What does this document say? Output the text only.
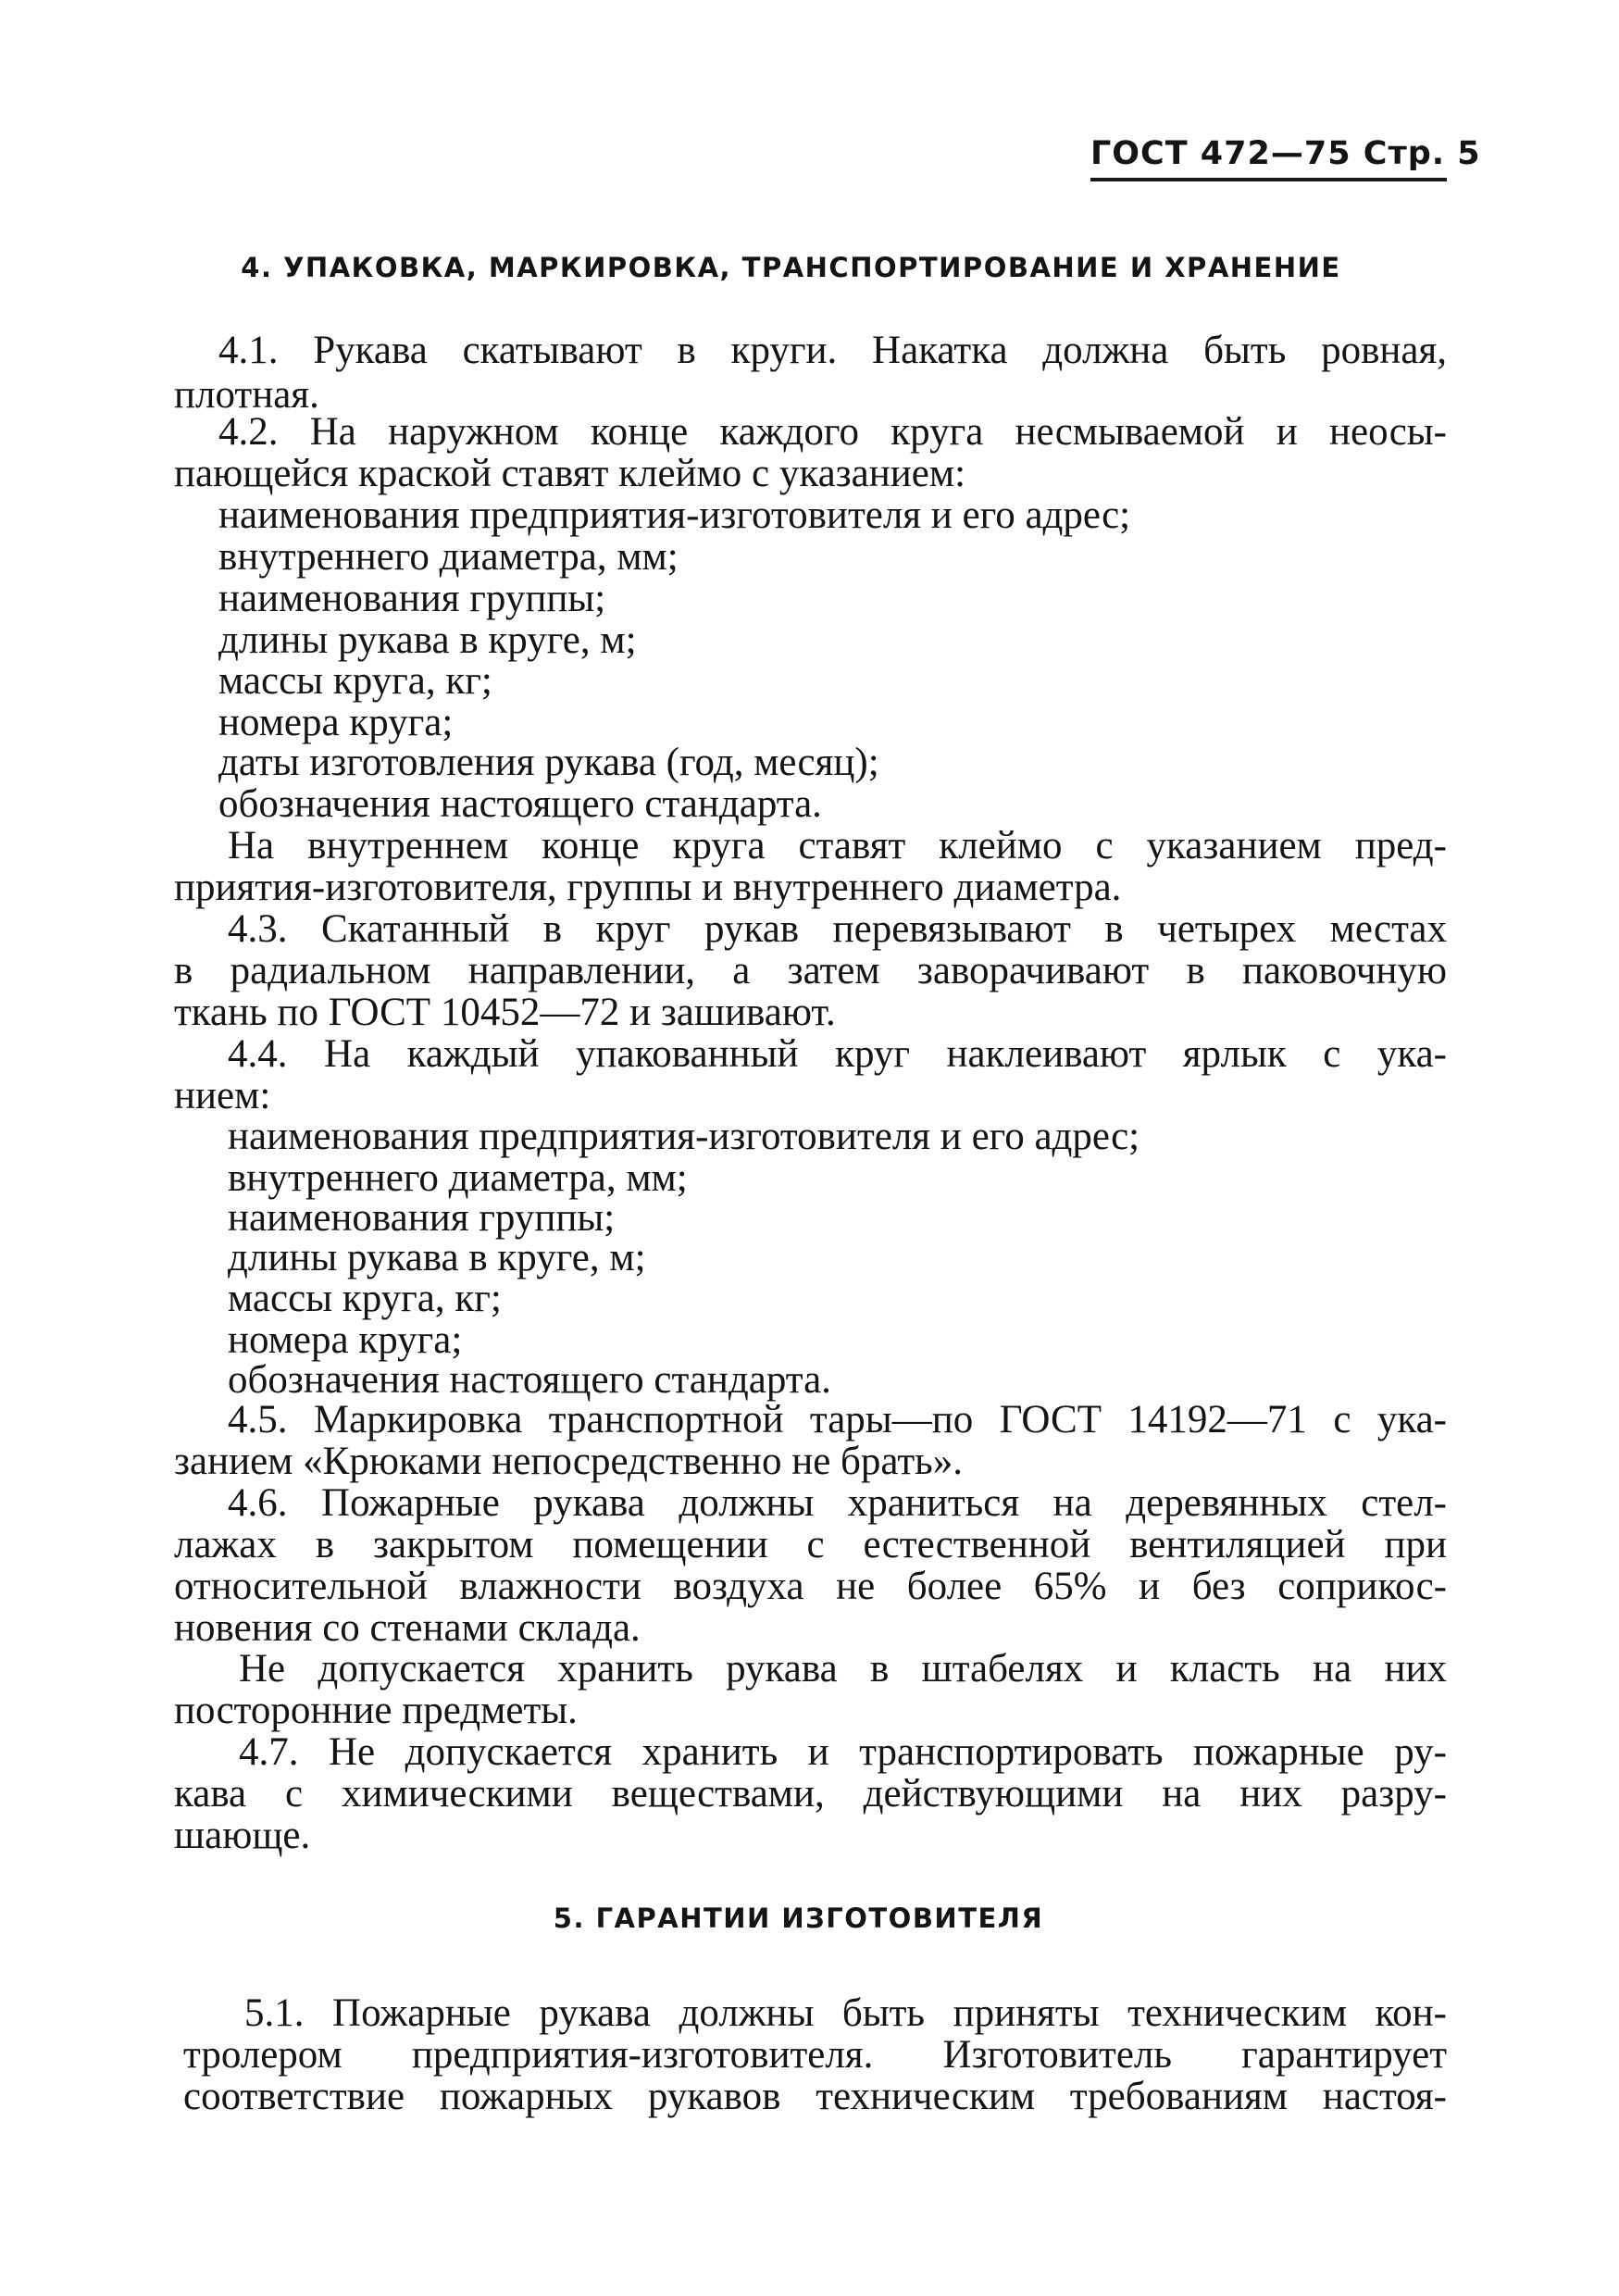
ГОСТ 472—75 Стр. 5
4. УПАКОВКА, МАРКИРОВКА, ТРАНСПОРТИРОВАНИЕ И ХРАНЕНИЕ
4.1. Рукава скатывают в круги. Накатка должна быть ровная,
плотная.
4.2. На наружном конце каждого круга несмываемой и неосы-
пающейся краской ставят клеймо с указанием:
наименования предприятия-изготовителя и его адрес;
внутреннего диаметра, мм;
наименования группы;
длины рукава в круге, м;
массы круга, кг;
номера круга;
даты изготовления рукава (год, месяц);
обозначения настоящего стандарта.
На внутреннем конце круга ставят клеймо с указанием пред-
приятия-изготовителя, группы и внутреннего диаметра.
4.3. Скатанный в круг рукав перевязывают в четырех местах
в радиальном направлении, а затем заворачивают в паковочную
ткань по ГОСТ 10452—72 и зашивают.
4.4. На каждый упакованный круг наклеивают ярлык с ука-
нием:
наименования предприятия-изготовителя и его адрес;
внутреннего диаметра, мм;
наименования группы;
длины рукава в круге, м;
массы круга, кг;
номера круга;
обозначения настоящего стандарта.
4.5. Маркировка транспортной тары—по ГОСТ 14192—71 с ука-
занием «Крюками непосредственно не брать».
4.6. Пожарные рукава должны храниться на деревянных стел-
лажах в закрытом помещении с естественной вентиляцией при
относительной влажности воздуха не более 65% и без соприкос-
новения со стенами склада.
Не допускается хранить рукава в штабелях и класть на них
посторонние предметы.
4.7. Не допускается хранить и транспортировать пожарные ру-
кава с химическими веществами, действующими на них разру-
шающе.
5. ГАРАНТИИ ИЗГОТОВИТЕЛЯ
5.1. Пожарные рукава должны быть приняты техническим кон-
тролером предприятия-изготовителя. Изготовитель гарантирует
соответствие пожарных рукавов техническим требованиям настоя-
